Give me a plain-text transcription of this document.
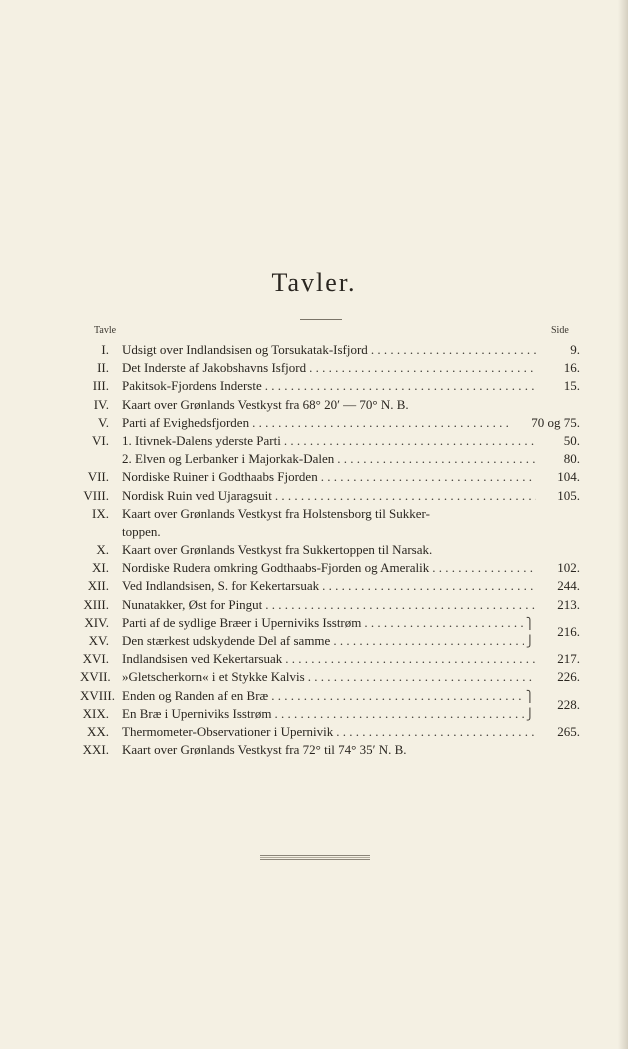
Tavler.
Tavle	Side
I.	Udsigt over Indlandsisen og Torsukatak-Isfjord . . .	9.
II.	Det Inderste af Jakobshavns Isfjord . . .	16.
III.	Pakitsok-Fjordens Inderste . . .	15.
IV.	Kaart over Grønlands Vestkyst fra 68° 20′ — 70° N. B.
V.	Parti af Evighedsfjorden . . .	70 og 75.
VI.	1. Itivnek-Dalens yderste Parti . . .	50.
2. Elven og Lerbanker i Majorkak-Dalen . . .	80.
VII.	Nordiske Ruiner i Godthaabs Fjorden . . .	104.
VIII.	Nordisk Ruin ved Ujaragsuit . . .	105.
IX.	Kaart over Grønlands Vestkyst fra Holstensborg til Sukker-
toppen.
X.	Kaart over Grønlands Vestkyst fra Sukkertoppen til Narsak.
XI.	Nordiske Rudera omkring Godthaabs-Fjorden og Ameralik . . .	102.
XII.	Ved Indlandsisen, S. for Kekertarsuak . . .	244.
XIII.	Nunatakker, Øst for Pingut . . .	213.
XIV.	Parti af de sydlige Bræer i Uperniviks Isstrøm . . .	⎫
XV.	Den stærkest udskydende Del af samme . . .	⎭
216.
XVI.	Indlandsisen ved Kekertarsuak . . .	217.
XVII. »Gletscherkorn« i et Stykke Kalvis . . .	226.
XVIII. Enden og Randen af en Bræ . . .	⎫
XIX.	En Bræ i Uperniviks Isstrøm . . .	⎭
228.
XX.	Thermometer-Observationer i Upernivik . . .	265.
XXI.	Kaart over Grønlands Vestkyst fra 72° til 74° 35′ N. B.
